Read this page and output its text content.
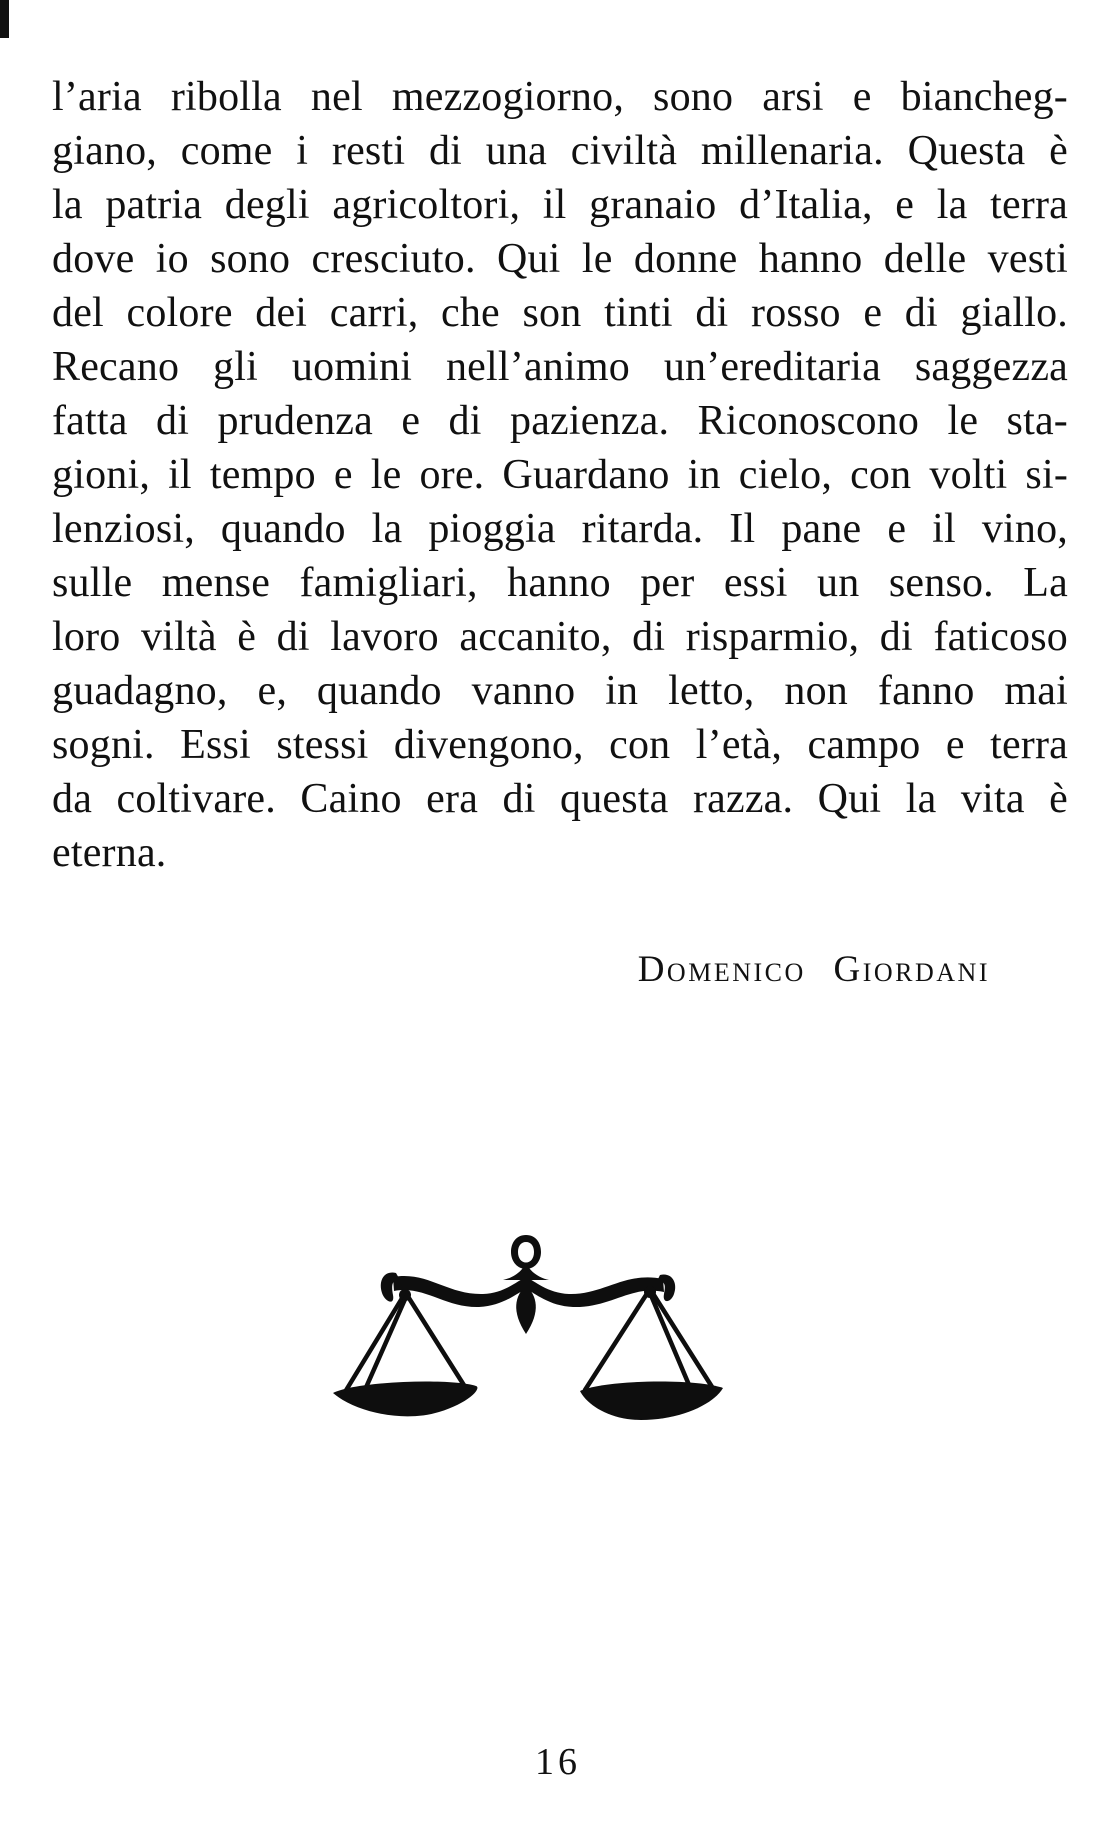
l’aria ribolla nel mezzogiorno, sono arsi e biancheg-
giano, come i resti di una civiltà millenaria. Questa è
la patria degli agricoltori, il granaio d’Italia, e la terra
dove io sono cresciuto. Qui le donne hanno delle vesti
del colore dei carri, che son tinti di rosso e di giallo.
Recano gli uomini nell’animo un’ereditaria saggezza
fatta di prudenza e di pazienza. Riconoscono le sta-
gioni, il tempo e le ore. Guardano in cielo, con volti si-
lenziosi, quando la pioggia ritarda. Il pane e il vino,
sulle mense famigliari, hanno per essi un senso. La
loro viltà è di lavoro accanito, di risparmio, di faticoso
guadagno, e, quando vanno in letto, non fanno mai
sogni. Essi stessi divengono, con l’età, campo e terra
da coltivare. Caino era di questa razza. Qui la vita è
eterna.
Domenico Giordani
16
